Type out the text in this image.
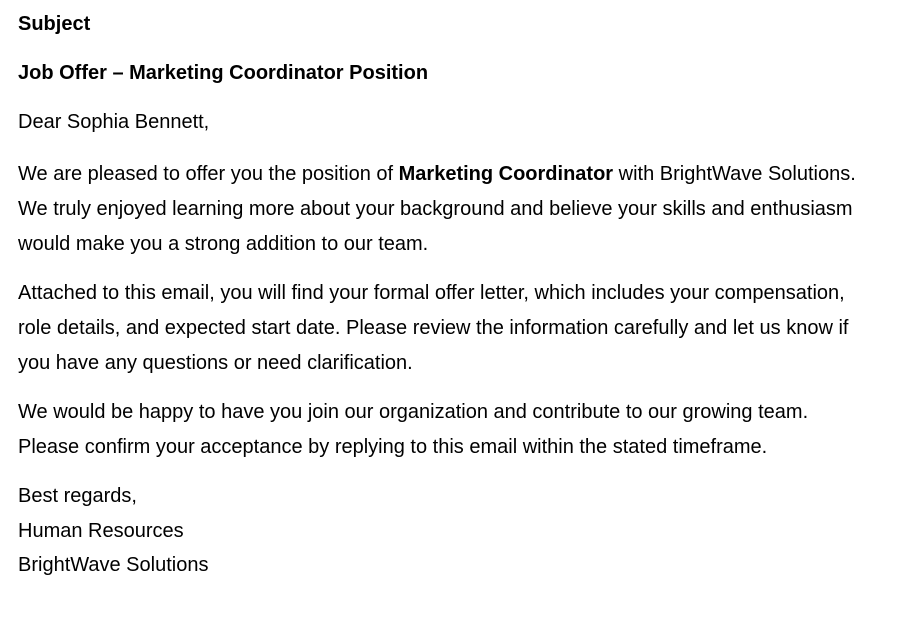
Subject
Job Offer – Marketing Coordinator Position
Dear Sophia Bennett,

We are pleased to offer you the position of Marketing Coordinator with BrightWave Solutions. We truly enjoyed learning more about your background and believe your skills and enthusiasm would make you a strong addition to our team.

Attached to this email, you will find your formal offer letter, which includes your compensation, role details, and expected start date. Please review the information carefully and let us know if you have any questions or need clarification.

We would be happy to have you join our organization and contribute to our growing team. Please confirm your acceptance by replying to this email within the stated timeframe.

Best regards,
Human Resources
BrightWave Solutions
